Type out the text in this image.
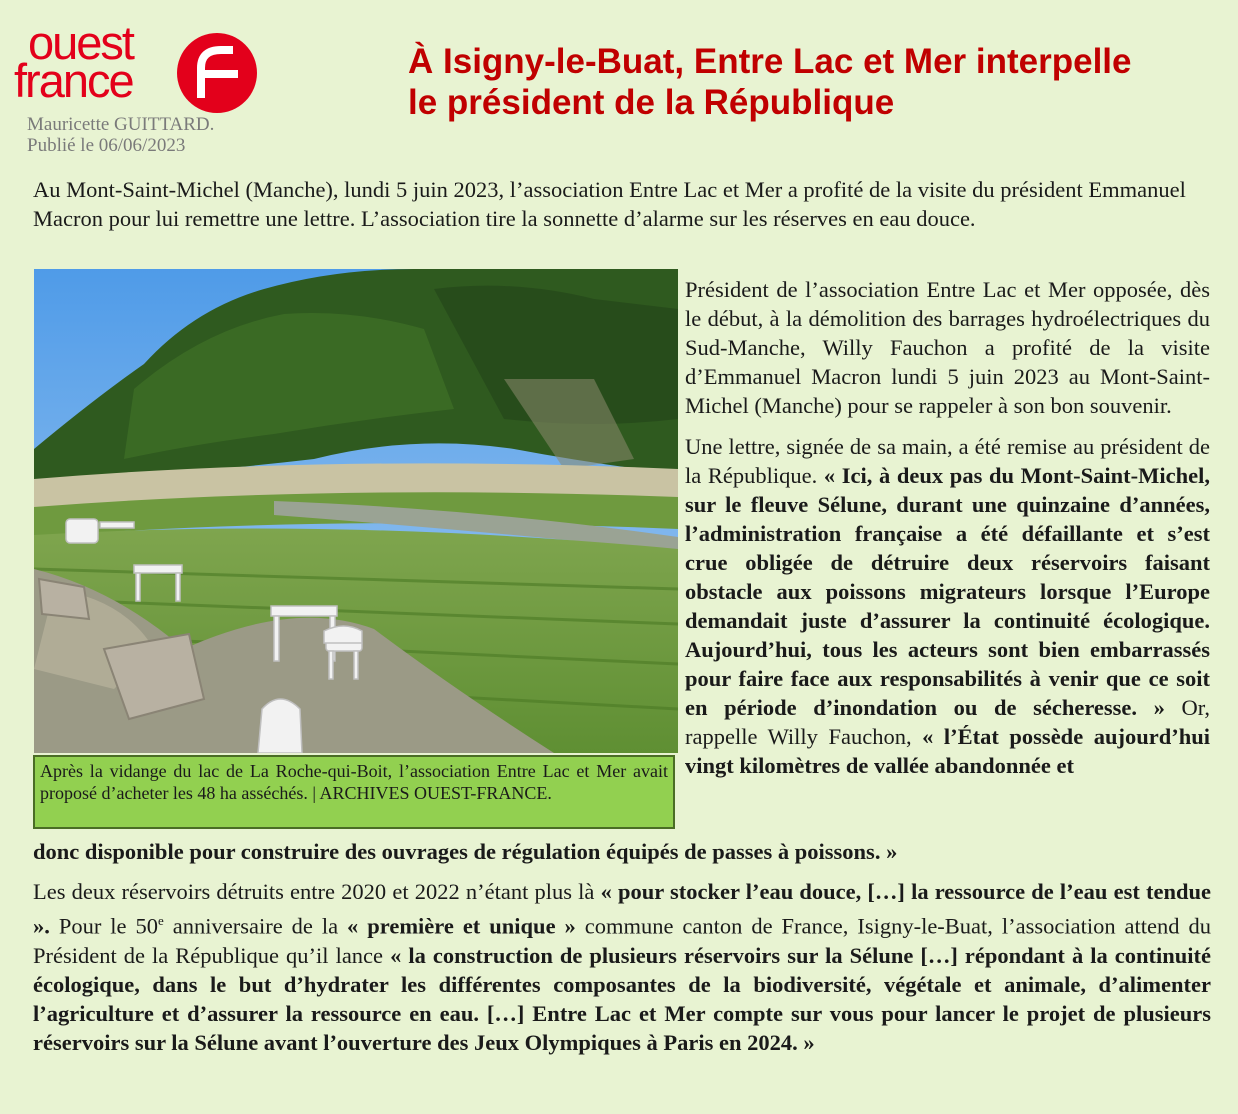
ouest
france
Mauricette GUITTARD.
Publié le 06/06/2023
À Isigny-le-Buat, Entre Lac et Mer interpelle
le président de la République

Au Mont-Saint-Michel (Manche), lundi 5 juin 2023, l’association Entre Lac et Mer a profité de la visite du président Emmanuel Macron pour lui remettre une lettre. L’association tire la sonnette d’alarme sur les réserves en eau douce.

Après la vidange du lac de La Roche-qui-Boit, l’association Entre Lac et Mer avait proposé d’acheter les 48 ha asséchés. | ARCHIVES OUEST-FRANCE.

Président de l’association Entre Lac et Mer opposée, dès le début, à la démolition des barrages hydroélectriques du Sud-Manche, Willy Fauchon a profité de la visite d’Emmanuel Macron lundi 5 juin 2023 au Mont-Saint-Michel (Manche) pour se rappeler à son bon souvenir.

Une lettre, signée de sa main, a été remise au président de la République. « Ici, à deux pas du Mont-Saint-Michel, sur le fleuve Sélune, durant une quinzaine d’années, l’administration française a été défaillante et s’est crue obligée de détruire deux réservoirs faisant obstacle aux poissons migrateurs lorsque l’Europe demandait juste d’assurer la continuité écologique. Aujourd’hui, tous les acteurs sont bien embarrassés pour faire face aux responsabilités à venir que ce soit en période d’inondation ou de sécheresse. » Or, rappelle Willy Fauchon, « l’État possède aujourd’hui vingt kilomètres de vallée abandonnée et

donc disponible pour construire des ouvrages de régulation équipés de passes à poissons. »

Les deux réservoirs détruits entre 2020 et 2022 n’étant plus là « pour stocker l’eau douce, […] la ressource de l’eau est tendue ». Pour le 50e anniversaire de la « première et unique » commune canton de France, Isigny-le-Buat, l’association attend du Président de la République qu’il lance « la construction de plusieurs réservoirs sur la Sélune […] répondant à la continuité écologique, dans le but d’hydrater les différentes composantes de la biodiversité, végétale et animale, d’alimenter l’agriculture et d’assurer la ressource en eau. […] Entre Lac et Mer compte sur vous pour lancer le projet de plusieurs réservoirs sur la Sélune avant l’ouverture des Jeux Olympiques à Paris en 2024. »
